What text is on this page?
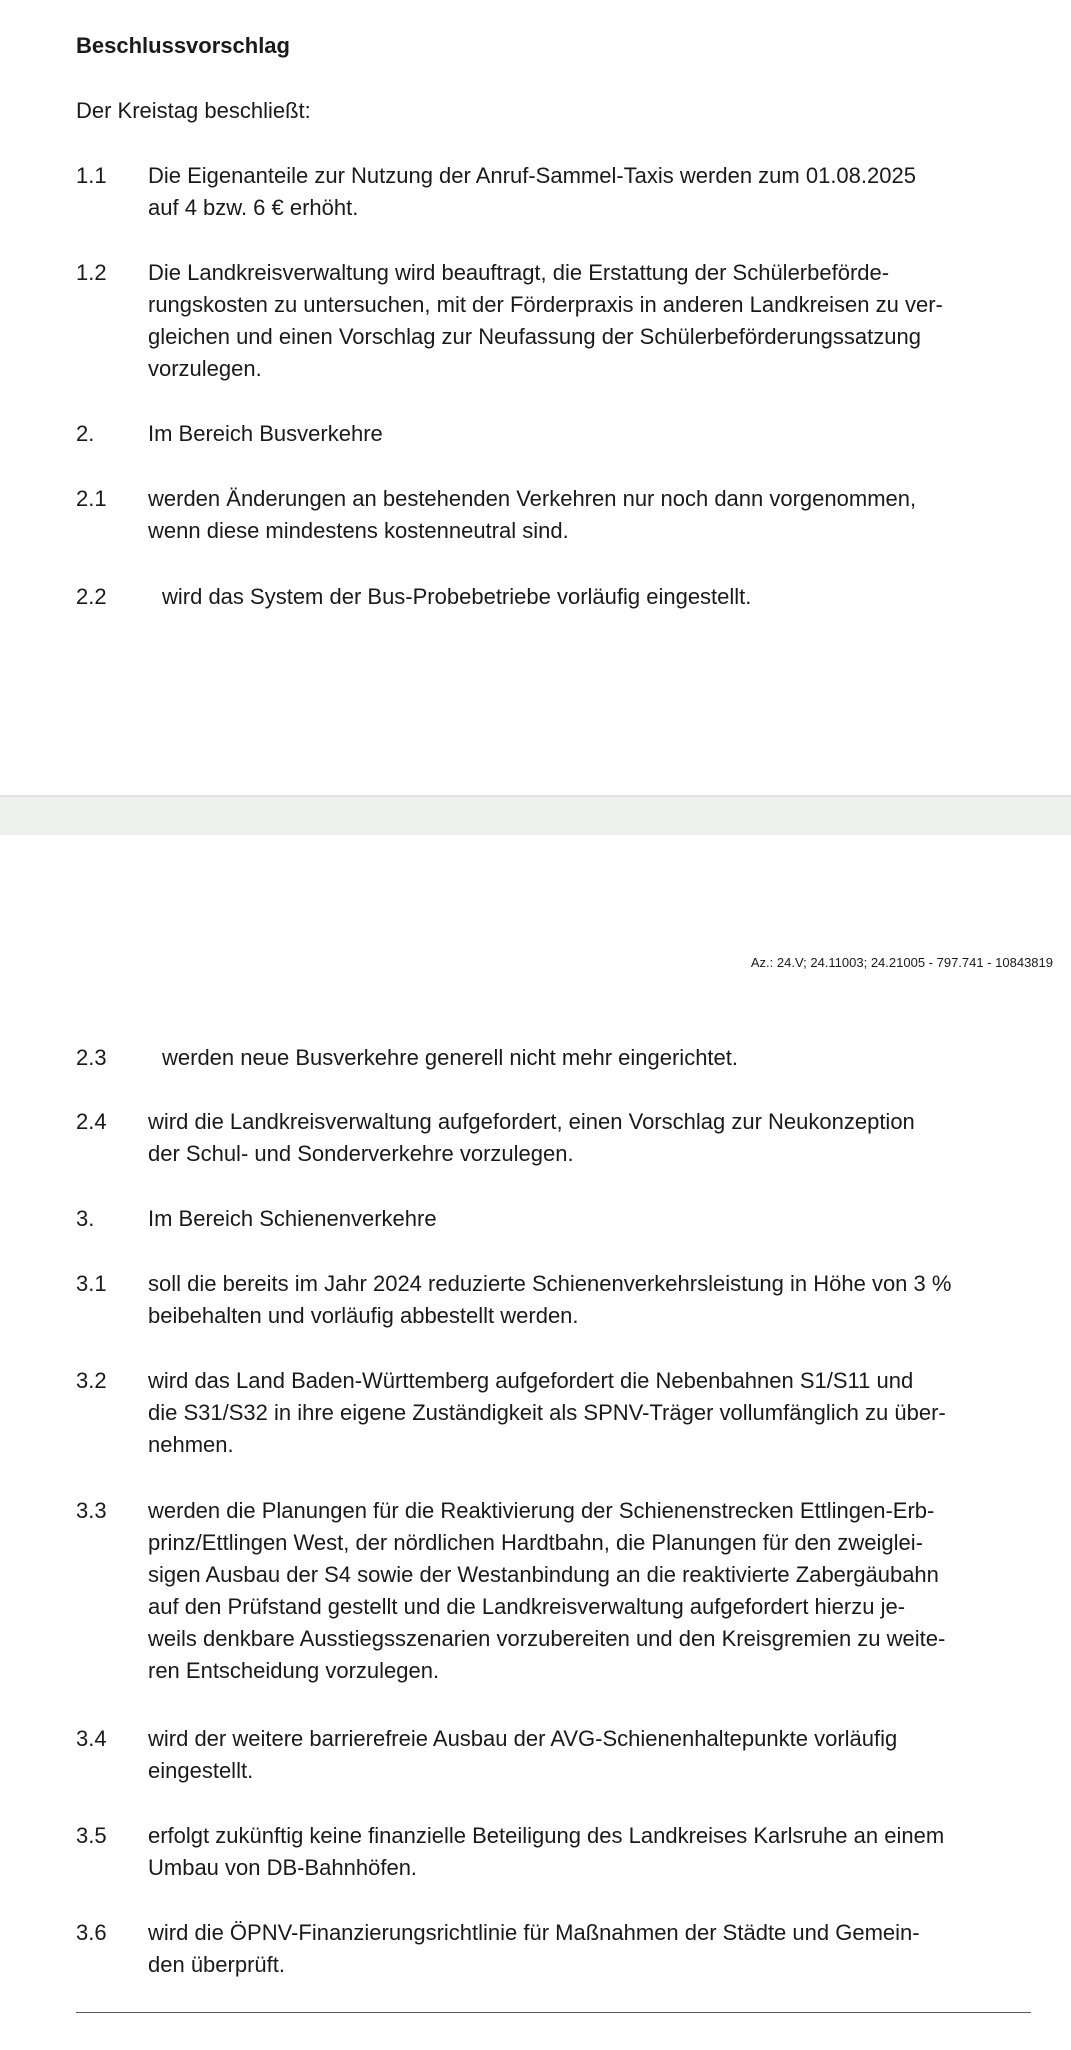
Beschlussvorschlag
Der Kreistag beschließt:
1.1	Die Eigenanteile zur Nutzung der Anruf-Sammel-Taxis werden zum 01.08.2025
auf 4 bzw. 6 € erhöht.
1.2	Die Landkreisverwaltung wird beauftragt, die Erstattung der Schülerbeförde-
rungskosten zu untersuchen, mit der Förderpraxis in anderen Landkreisen zu ver-
gleichen und einen Vorschlag zur Neufassung der Schülerbeförderungssatzung
vorzulegen.
2.	Im Bereich Busverkehre
2.1	werden Änderungen an bestehenden Verkehren nur noch dann vorgenommen,
wenn diese mindestens kostenneutral sind.
2.2	wird das System der Bus-Probebetriebe vorläufig eingestellt.
Az.: 24.V; 24.11003; 24.21005 - 797.741 - 10843819
2.3	werden neue Busverkehre generell nicht mehr eingerichtet.
2.4	wird die Landkreisverwaltung aufgefordert, einen Vorschlag zur Neukonzeption
der Schul- und Sonderverkehre vorzulegen.
3.	Im Bereich Schienenverkehre
3.1	soll die bereits im Jahr 2024 reduzierte Schienenverkehrsleistung in Höhe von 3 %
beibehalten und vorläufig abbestellt werden.
3.2	wird das Land Baden-Württemberg aufgefordert die Nebenbahnen S1/S11 und
die S31/S32 in ihre eigene Zuständigkeit als SPNV-Träger vollumfänglich zu über-
nehmen.
3.3	werden die Planungen für die Reaktivierung der Schienenstrecken Ettlingen-Erb-
prinz/Ettlingen West, der nördlichen Hardtbahn, die Planungen für den zweiglei-
sigen Ausbau der S4 sowie der Westanbindung an die reaktivierte Zabergäubahn
auf den Prüfstand gestellt und die Landkreisverwaltung aufgefordert hierzu je-
weils denkbare Ausstiegsszenarien vorzubereiten und den Kreisgremien zu weite-
ren Entscheidung vorzulegen.
3.4	wird der weitere barrierefreie Ausbau der AVG-Schienenhaltepunkte vorläufig
eingestellt.
3.5	erfolgt zukünftig keine finanzielle Beteiligung des Landkreises Karlsruhe an einem
Umbau von DB-Bahnhöfen.
3.6	wird die ÖPNV-Finanzierungsrichtlinie für Maßnahmen der Städte und Gemein-
den überprüft.
